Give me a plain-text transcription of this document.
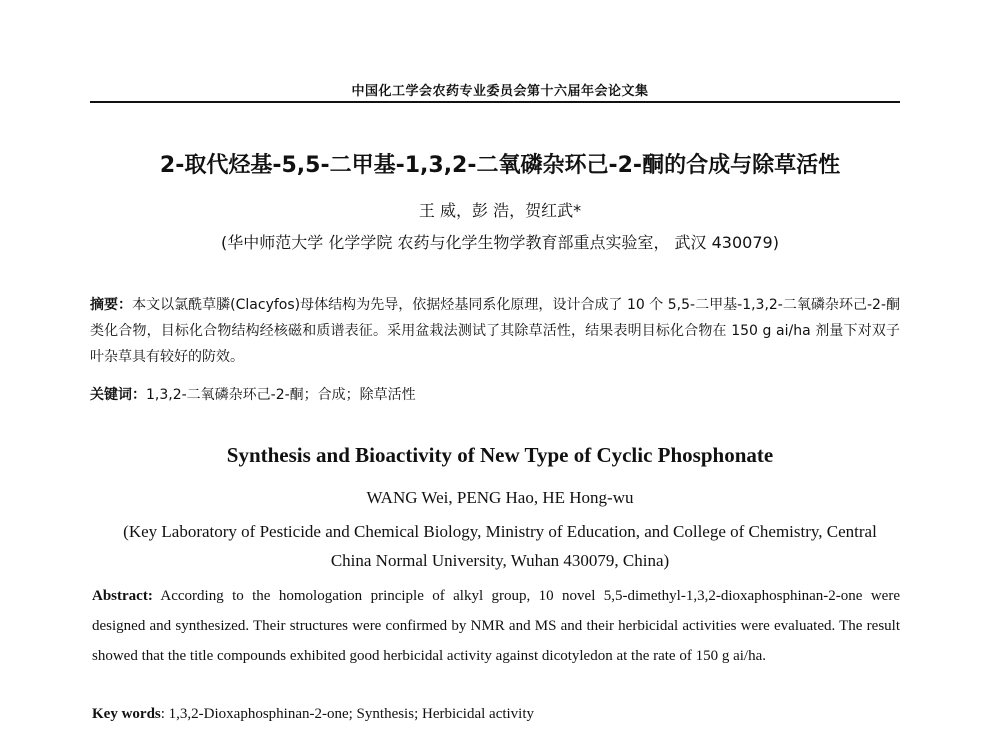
中国化工学会农药专业委员会第十六届年会论文集
2-取代烃基-5,5-二甲基-1,3,2-二氧磷杂环己-2-酮的合成与除草活性
王 威，彭 浩，贺红武*
(华中师范大学 化学学院 农药与化学生物学教育部重点实验室， 武汉 430079)
摘要：本文以氯酰草膦(Clacyfos)母体结构为先导，依据烃基同系化原理，设计合成了 10 个 5,5-二甲基-1,3,2-二氧磷杂环己-2-酮类化合物，目标化合物结构经核磁和质谱表征。采用盆栽法测试了其除草活性，结果表明目标化合物在 150 g ai/ha 剂量下对双子叶杂草具有较好的防效。
关键词：1,3,2-二氧磷杂环己-2-酮；合成；除草活性
Synthesis and Bioactivity of New Type of Cyclic Phosphonate
WANG Wei, PENG Hao, HE Hong-wu
(Key Laboratory of Pesticide and Chemical Biology, Ministry of Education, and College of Chemistry, Central China Normal University, Wuhan 430079, China)
Abstract: According to the homologation principle of alkyl group, 10 novel 5,5-dimethyl-1,3,2-dioxaphosphinan-2-one were designed and synthesized. Their structures were confirmed by NMR and MS and their herbicidal activities were evaluated. The result showed that the title compounds exhibited good herbicidal activity against dicotyledon at the rate of 150 g ai/ha.
Key words: 1,3,2-Dioxaphosphinan-2-one; Synthesis; Herbicidal activity
